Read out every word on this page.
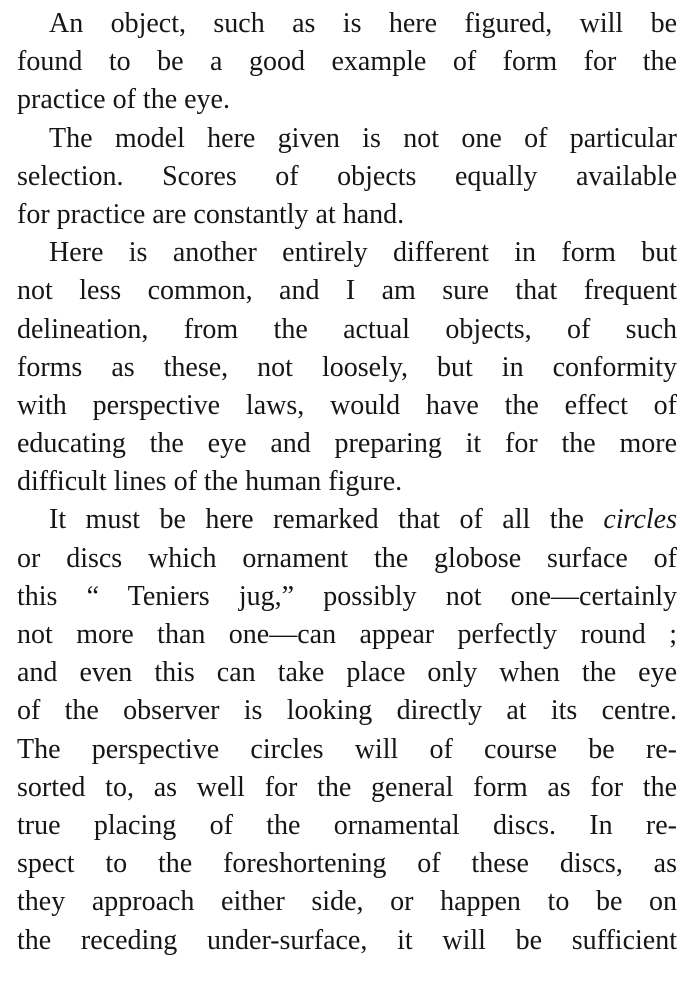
An object, such as is here figured, will be
found to be a good example of form for the
practice of the eye.

The model here given is not one of particular
selection. Scores of objects equally available
for practice are constantly at hand.

Here is another entirely different in form but
not less common, and I am sure that frequent
delineation, from the actual objects, of such
forms as these, not loosely, but in conformity
with perspective laws, would have the effect of
educating the eye and preparing it for the more
difficult lines of the human figure.

It must be here remarked that of all the circles
or discs which ornament the globose surface of
this “ Teniers jug,” possibly not one—certainly
not more than one—can appear perfectly round ;
and even this can take place only when the eye
of the observer is looking directly at its centre.
The perspective circles will of course be re-
sorted to, as well for the general form as for the
true placing of the ornamental discs. In re-
spect to the foreshortening of these discs, as
they approach either side, or happen to be on
the receding under-surface, it will be sufficient
